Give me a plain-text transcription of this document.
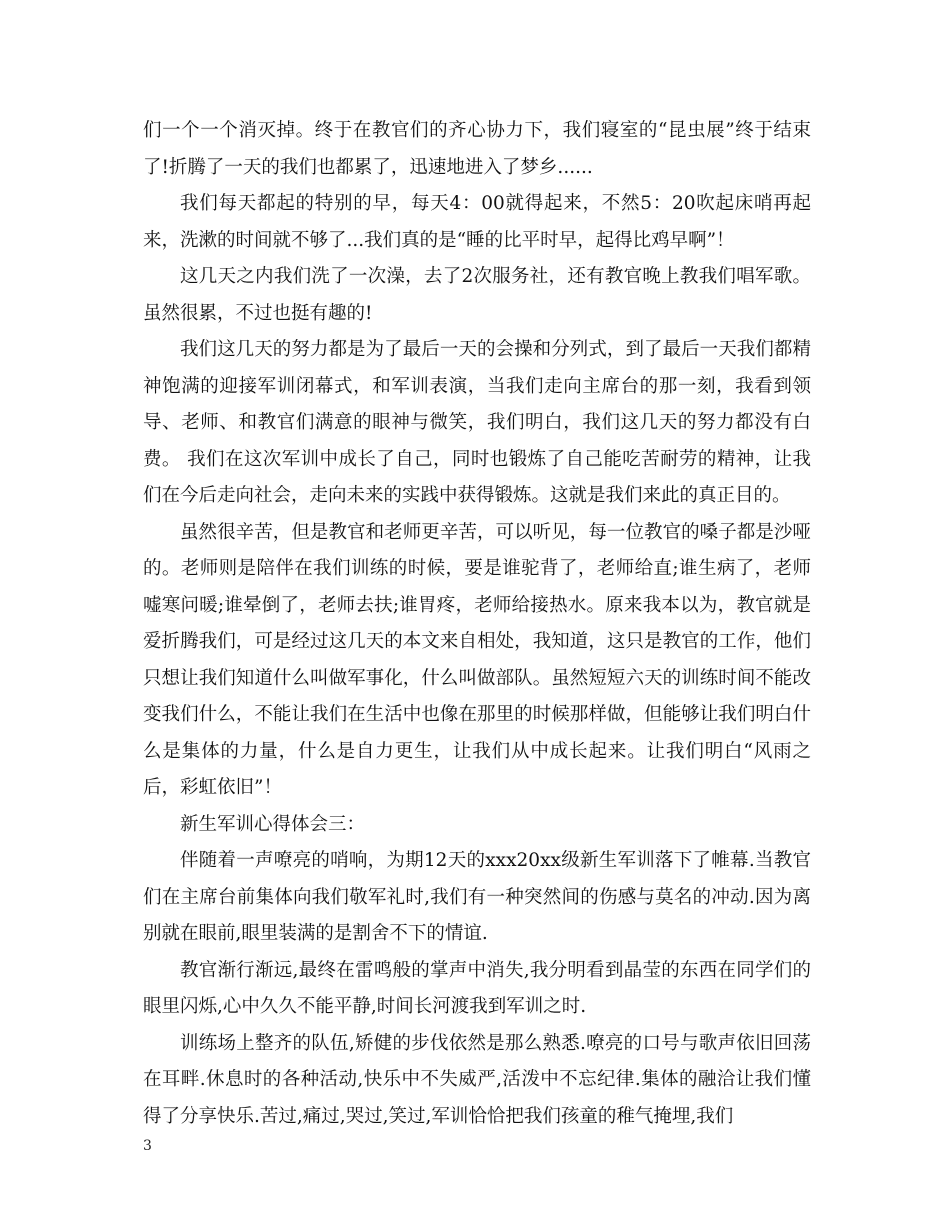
们一个一个消灭掉。终于在教官们的齐心协力下，我们寝室的“昆虫展”终于结束了!折腾了一天的我们也都累了，迅速地进入了梦乡......

我们每天都起的特别的早，每天4：00就得起来，不然5：20吹起床哨再起来，洗漱的时间就不够了...我们真的是“睡的比平时早，起得比鸡早啊”！

这几天之内我们洗了一次澡，去了2次服务社，还有教官晚上教我们唱军歌。虽然很累，不过也挺有趣的!

我们这几天的努力都是为了最后一天的会操和分列式，到了最后一天我们都精神饱满的迎接军训闭幕式，和军训表演，当我们走向主席台的那一刻，我看到领导、老师、和教官们满意的眼神与微笑，我们明白，我们这几天的努力都没有白费。 我们在这次军训中成长了自己，同时也锻炼了自己能吃苦耐劳的精神，让我们在今后走向社会，走向未来的实践中获得锻炼。这就是我们来此的真正目的。

虽然很辛苦，但是教官和老师更辛苦，可以听见，每一位教官的嗓子都是沙哑的。老师则是陪伴在我们训练的时候，要是谁驼背了，老师给直;谁生病了，老师嘘寒问暖;谁晕倒了，老师去扶;谁胃疼，老师给接热水。原来我本以为，教官就是爱折腾我们，可是经过这几天的本文来自相处，我知道，这只是教官的工作，他们只想让我们知道什么叫做军事化，什么叫做部队。虽然短短六天的训练时间不能改变我们什么，不能让我们在生活中也像在那里的时候那样做，但能够让我们明白什么是集体的力量，什么是自力更生，让我们从中成长起来。让我们明白“风雨之后，彩虹依旧”！

新生军训心得体会三：

伴随着一声嘹亮的哨响，为期12天的xxx20xx级新生军训落下了帷幕.当教官们在主席台前集体向我们敬军礼时,我们有一种突然间的伤感与莫名的冲动.因为离别就在眼前,眼里装满的是割舍不下的情谊.

教官渐行渐远,最终在雷鸣般的掌声中消失,我分明看到晶莹的东西在同学们的眼里闪烁,心中久久不能平静,时间长河渡我到军训之时.

训练场上整齐的队伍,矫健的步伐依然是那么熟悉.嘹亮的口号与歌声依旧回荡在耳畔.休息时的各种活动,快乐中不失威严,活泼中不忘纪律.集体的融洽让我们懂得了分享快乐.苦过,痛过,哭过,笑过,军训恰恰把我们孩童的稚气掩埋,我们

3
